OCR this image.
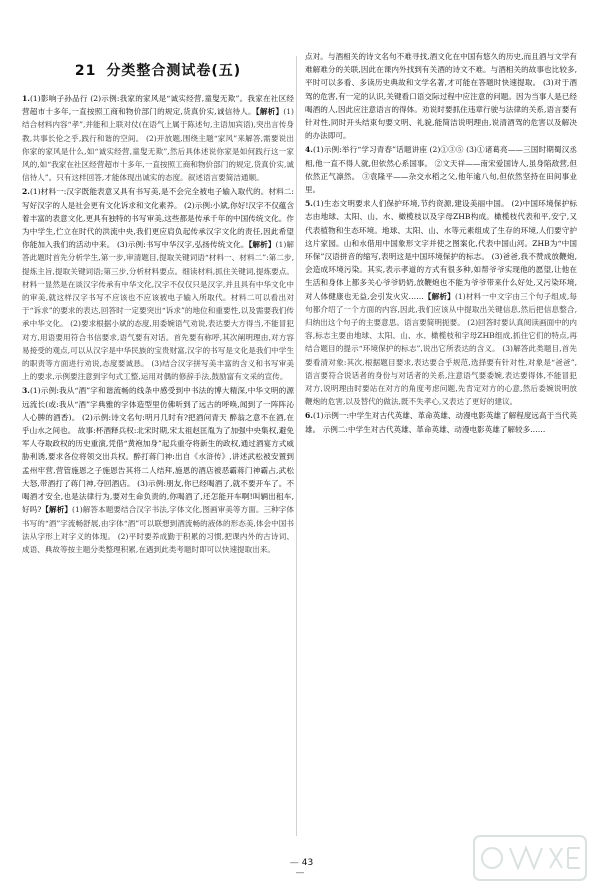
21 分类整合测试卷(五)
1.(1)影响子孙品行 (2)示例:我家的家风是“诚实经营,童叟无欺”。我家在社区经营超市十多年,一直按照工商和物价部门的规定,货真价实,诚信待人。【解析】(1)结合材料内容“孝”,并能和上联对仗(在语气上属于陈述句,主语加宾语),突出言传身教,共事长伦之乎,践行和谐的空间。 (2)开放题,围绕主题“家风”来解答,需要说出你家的家风是什么,如“诚实经营,童叟无欺”,然后具体述说你家是如何践行这一家风的,如“我家在社区经营超市十多年,一直按照工商和物价部门的规定,货真价实,诚信待人”。只有这样回答,才能体现出诚实的态度。叙述语言要简洁通顺。
2.(1)材料一:汉字既能表意又具有书写美,是不会完全被电子输入取代的。材料二:写好汉字的人是社会更有文化诉求和文化素养。 (2)示例:小斌,你好!汉字不仅蕴含着丰富的表意文化,更具有独特的书写审美,这些都是传承千年的中国传统文化。作为中学生,伫立在时代的洪流中央,我们更应肩负起传承汉字文化的责任,因此希望你能加入我们的活动中来。 (3)示例:书写中华汉字,弘扬传统文化。【解析】(1)解答此题时首先分析学生,第一步,审清题目,提取关键词语“材料一、材料二”:第二步,提炼主旨,提取关键词语;第三步,分析材料要点。细读材料,抓住关键词,提炼要点。材料一显然是在谈汉字传承有中华文化,汉字不仅仅只是汉字,并且具有中华文化中的审美,就这样汉字书写不应该也不应该被电子输入所取代。材料二可以看出对于“诉求”的要求的表达,回答时一定要突出“诉求”的地位和重要性,以及需要我们传承中华文化。 (2)要求根据小斌的态度,用委婉语气劝说,表达要大方得当,不能冒犯对方,用语要用符合书信要求,语气要有对话。首先要有称呼,其次阐明理由,对方容易接受的观点,可以从汉字是中华民族的宝贵财富,汉字的书写是文化是我们中学生的职责等方面进行劝说,态度要诚恳。 (3)结合汉字拼写美丰富的含义和书写审美上的要求,示例要注意到字句式工整,运用对偶的修辞手法,鼓励富有文采的宣传。
3.(1)示例:我从“酒”字和谐流畅的线条中感受到中书法的博大精深,中华文明的源远流长(或:我从“酒”字典雅的字体造型里仿佛听到了远古的呼唤,闻到了一阵阵沁人心脾的酒香)。 (2)示例:诗文名句:明月几时有?把酒问青天 醉翁之意不在酒,在乎山水之间也。 故事:杯酒释兵权:北宋时期,宋太祖赵匡胤为了加强中央集权,避免军人夺取政权的历史重演,凭借“黄袍加身”起兵重夺将新生的政权,通过酒宴方式威胁利诱,要求各位将领交出兵权。醉打蒋门神:出自《水浒传》,讲述武松被安置到孟州牢营,营管施恩之子施恩告其将二人结拜,施恩的酒店被恶霸蒋门神霸占,武松大怒,带酒打了蒋门神,夺回酒店。 (3)示例:朋友,你已经喝酒了,就不要开车了。不喝酒才安全,也是法律行为,要对生命负责的,你喝酒了,还怎能开车啊!叫辆出租车,好吗?【解析】(1)解答本题要结合汉字书法,字体文化,图画审美等方面。三种字体书写的“酒”字流畅舒展,由字体“酒”可以联想到酒流畅的液体的形态美,体会中国书法从字形上对字义的体现。 (2)平时要养成勤于积累的习惯,把课内外的古诗词、成语、典故等按主题分类整理积累,在遇到此类考题时即可以快速提取出来。
点对。与酒相关的诗文名句不难寻找,酒文化在中国有悠久的历史,而且酒与文学有难解难分的关联,因此在课内外找到有关酒的诗文不难。与酒相关的故事也比较多,平时可以多看、多读历史典故和文学名著,才可能在答题时快速提取。 (3)对于酒驾的危害,有一定的认识,关键看口语交际过程中应注意的问题。因为当事人是已经喝酒的人,因此应注意语言的得体。劝说时要抓住违章行驶与法律的关系,语言要有针对性,同时开头结束句要文明、礼貌,能简洁说明理由,说清酒驾的危害以及解决的办法即可。
4.(1)示例:举行“学习青春”话题讲座 (2)①③⑤ (3)①诸葛亮——三国时期蜀汉丞相,他一直不得人就,但依然心系国事。 ②文天祥——南宋爱国诗人,虽身陷敌营,但依然正气凛然。 ③袁隆平——杂交水稻之父,他年逾八旬,但依然坚持在田间事业里。
5.(1)生态文明要求人们保护环境,节约资源,建设美丽中国。 (2)中国环境保护标志由地球、太阳、山、水、橄榄枝以及字母ZHB构成。橄榄枝代表和平,安宁,又代表植物和生态环境。地球、太阳、山、水等元素组成了生存的环境,人们要守护这片家园。山和水借用中国象形文字并使之图案化,代表中国山河。ZHB为“中国环保”汉语拼音的缩写,表明这是中国环境保护的标志。 (3)爸爸,我不赞成放鞭炮,会造成环境污染。其实,表示孝道的方式有很多种,如帮爷爷实现他的愿望,让他在生活和身体上都多关心爷爷奶奶,放鞭炮也不能为爷爷带来什么好处,又污染环境,对人体健康也无益,会引发火灾……【解析】(1)材料一中文字由三个句子组成,每句都介绍了一个方面的内容,因此,我们应该从中提取出关键信息,然后把信息整合,归纳出这个句子的主要意思。语言要简明扼要。 (2)回答时要认真阅读画面中的内容,标志主要由地球、太阳、山、水、橄榄枝和字母ZHB组成,抓住它们的特点,再结合题目的提示“环境保护的标志”,说出它所表达的含义。 (3)解答此类题目,首先要看清对象:其次,根据题目要求,表达要合乎规范,选择要有针对性,对象是“爸爸”,语言要符合说话者的身份与对话者的关系,注意语气要委婉,表达要得体,不能冒犯对方,说明理由时要站在对方的角度考虑问题,先肯定对方的心意,然后委婉说明放鞭炮的危害,以及替代的做法,既不失孝心,又表达了更好的建议。
6.(1)示例一:中学生对古代英雄、革命英雄、动漫电影英雄了解程度远高于当代英雄。 示例二:中学生对古代英雄、革命英雄、动漫电影英雄了解较多……
— 43 —
